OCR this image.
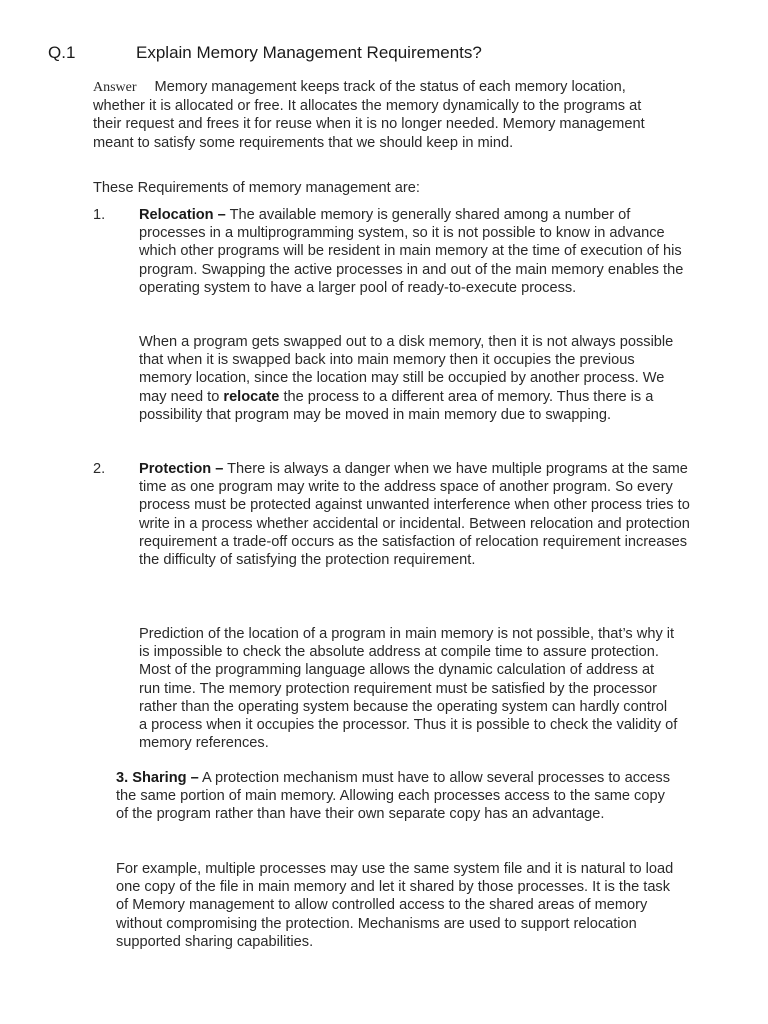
Q.1	Explain Memory Management Requirements?
Answer Memory management keeps track of the status of each memory location, whether it is allocated or free. It allocates the memory dynamically to the programs at their request and frees it for reuse when it is no longer needed. Memory management meant to satisfy some requirements that we should keep in mind.
These Requirements of memory management are:
1. Relocation – The available memory is generally shared among a number of processes in a multiprogramming system, so it is not possible to know in advance which other programs will be resident in main memory at the time of execution of his program. Swapping the active processes in and out of the main memory enables the operating system to have a larger pool of ready-to-execute process.
When a program gets swapped out to a disk memory, then it is not always possible that when it is swapped back into main memory then it occupies the previous memory location, since the location may still be occupied by another process. We may need to relocate the process to a different area of memory. Thus there is a possibility that program may be moved in main memory due to swapping.
2. Protection – There is always a danger when we have multiple programs at the same time as one program may write to the address space of another program. So every process must be protected against unwanted interference when other process tries to write in a process whether accidental or incidental. Between relocation and protection requirement a trade-off occurs as the satisfaction of relocation requirement increases the difficulty of satisfying the protection requirement.
Prediction of the location of a program in main memory is not possible, that’s why it is impossible to check the absolute address at compile time to assure protection. Most of the programming language allows the dynamic calculation of address at run time. The memory protection requirement must be satisfied by the processor rather than the operating system because the operating system can hardly control a process when it occupies the processor. Thus it is possible to check the validity of memory references.
3. Sharing – A protection mechanism must have to allow several processes to access the same portion of main memory. Allowing each processes access to the same copy of the program rather than have their own separate copy has an advantage.
For example, multiple processes may use the same system file and it is natural to load one copy of the file in main memory and let it shared by those processes. It is the task of Memory management to allow controlled access to the shared areas of memory without compromising the protection. Mechanisms are used to support relocation supported sharing capabilities.
